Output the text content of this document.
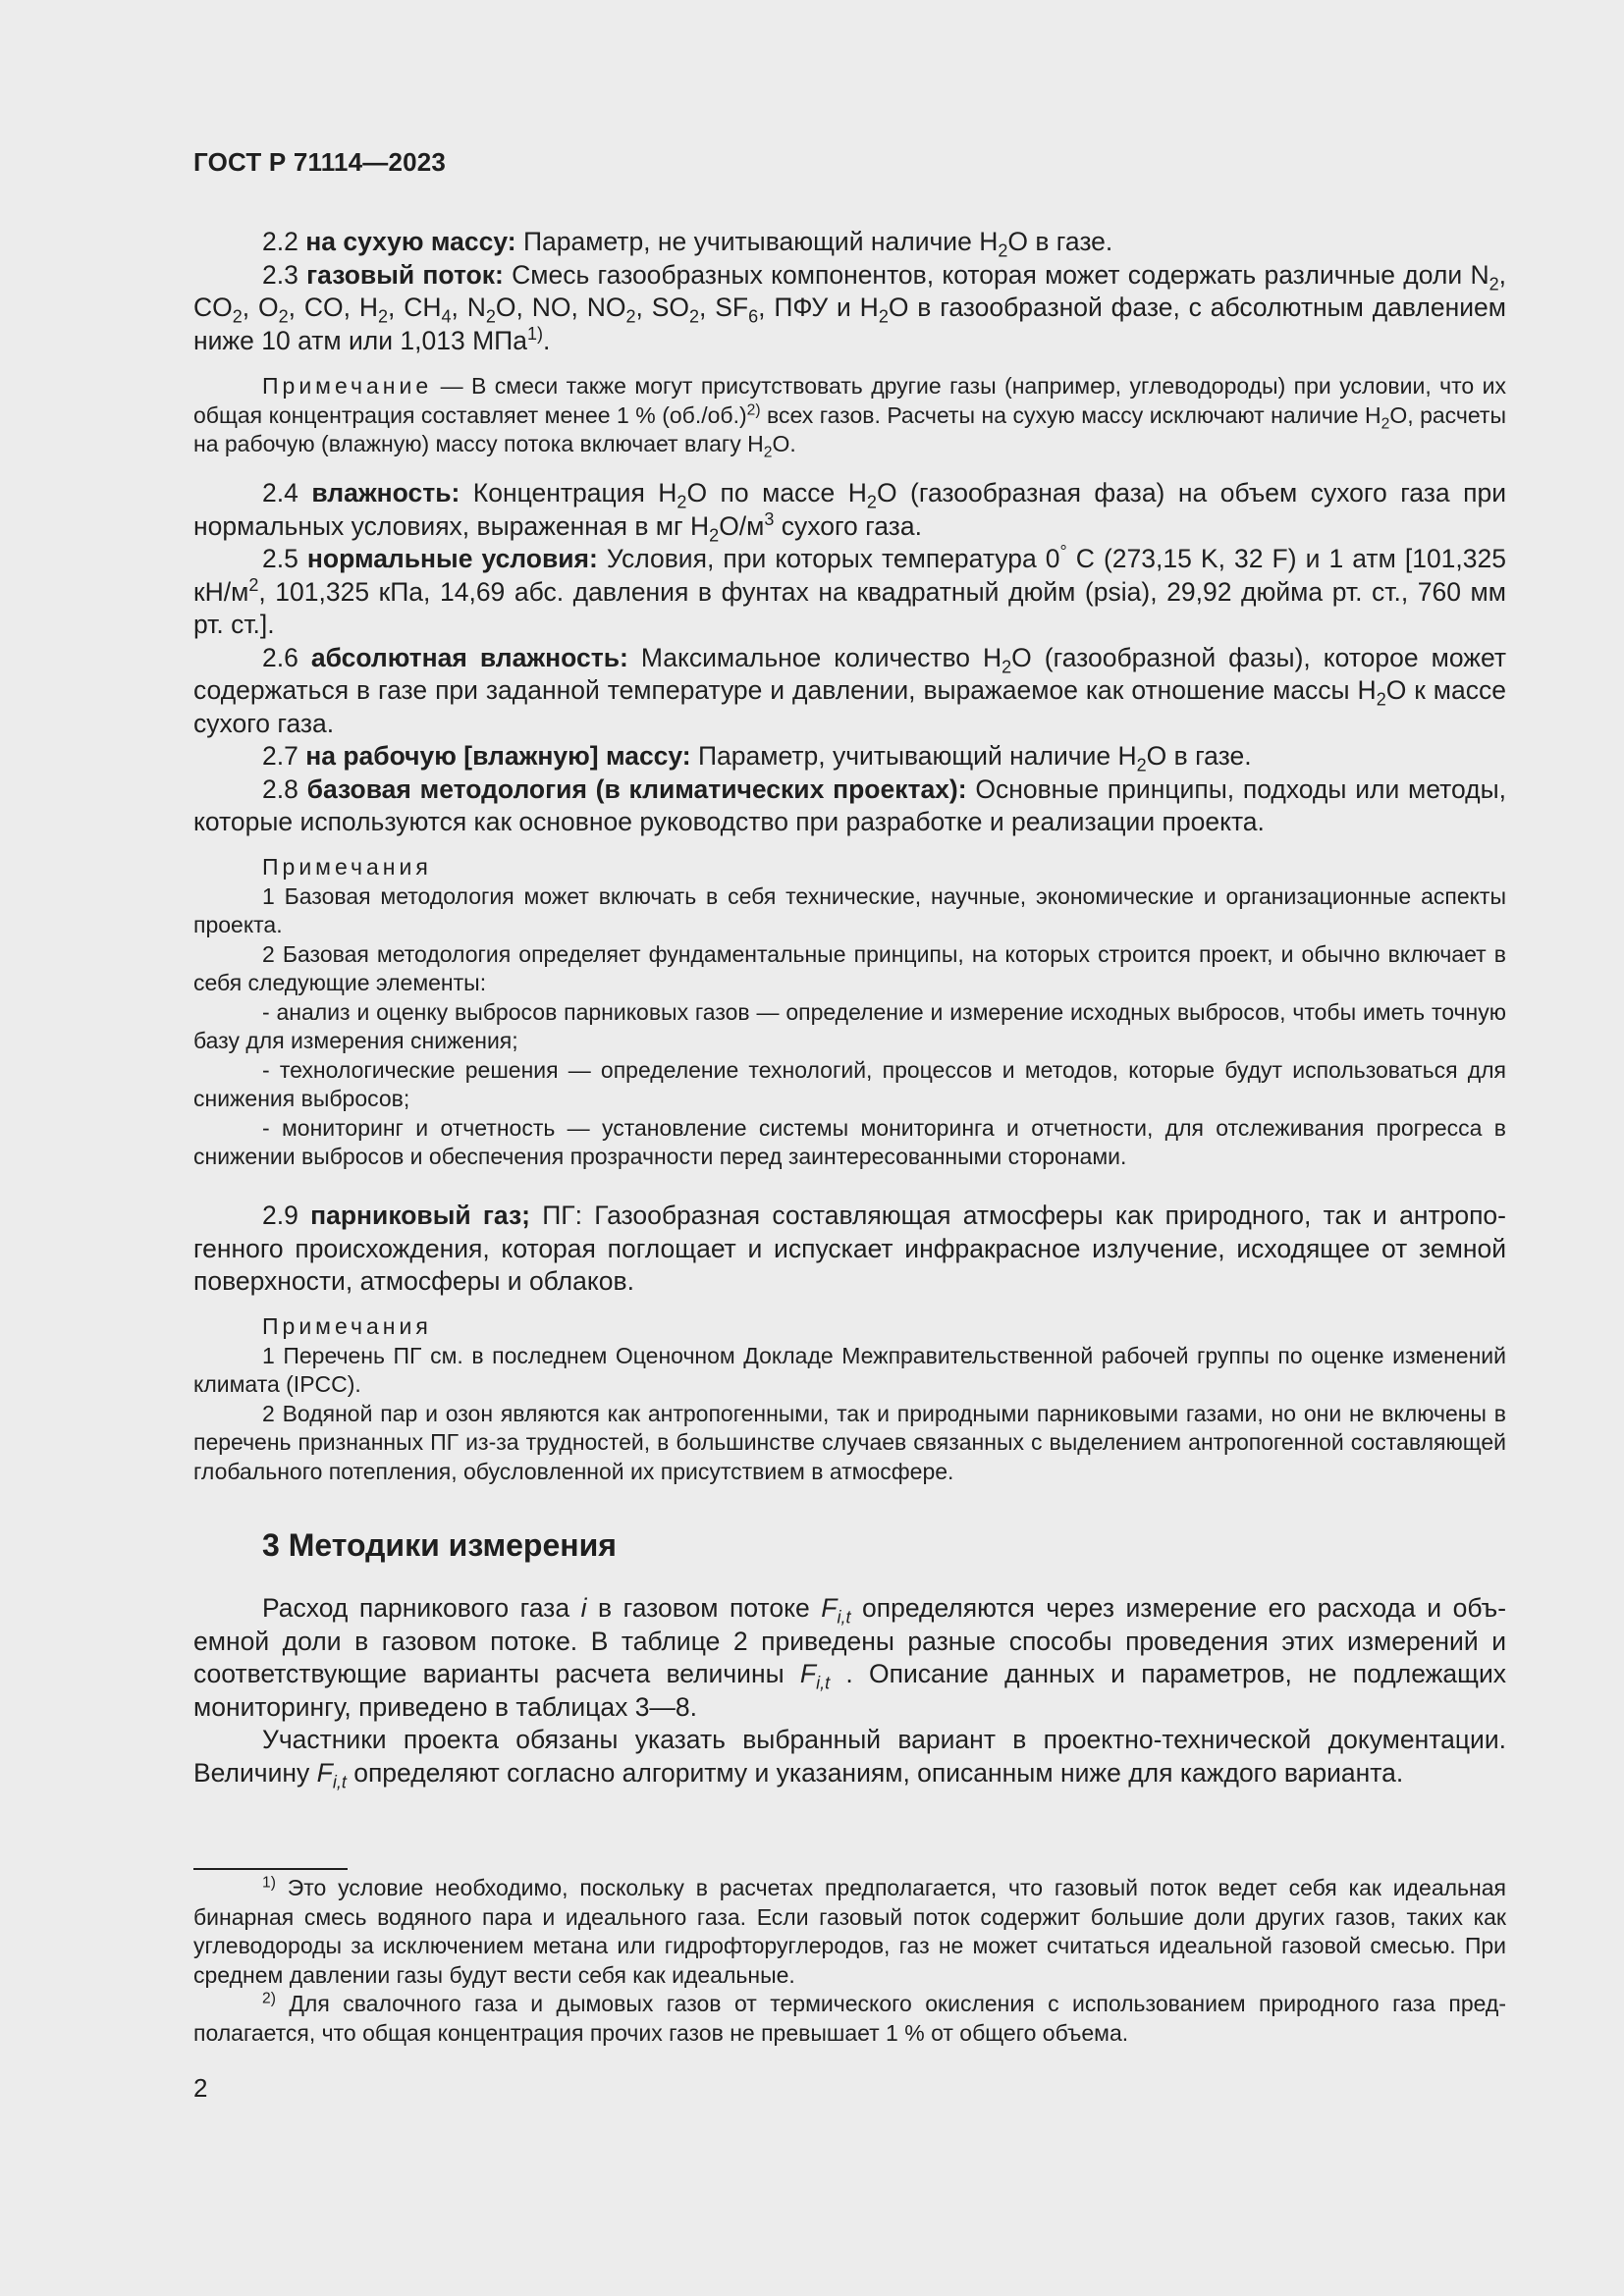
ГОСТ Р 71114—2023

2.2 на сухую массу: Параметр, не учитывающий наличие $H_2O$ в газе.

2.3 газовый поток: Смесь газообразных компонентов, которая может содержать различные доли $N_2$, $CO_2$, $O_2$, CO, $H_2$, $CH_4$, $N_2O$, NO, $NO_2$, $SO_2$, $SF_6$, ПФУ и $H_2O$ в газообразной фазе, с абсолютным давлением ниже 10 атм или 1,013 МПа$^{1)}$.

Примечание — В смеси также могут присутствовать другие газы (например, углеводороды) при условии, что их общая концентрация составляет менее 1 % $(об./об.)^{2)}$ всех газов. Расчеты на сухую массу исключают наличие $H_2O$, расчеты на рабочую (влажную) массу потока включает влагу $H_2O$.

2.4 влажность: Концентрация $H_2O$ по массе $H_2O$ (газообразная фаза) на объем сухого газа при нормальных условиях, выраженная в мг $H_2O/м^3$ сухого газа.

2.5 нормальные условия: Условия, при которых температура 0° C (273,15 K, 32 F) и 1 атм [101,325 $кН/м^2$, 101,325 кПа, 14,69 абс. давления в фунтах на квадратный дюйм (psia), 29,92 дюйма рт. ст., 760 мм рт. ст.].

2.6 абсолютная влажность: Максимальное количество $H_2O$ (газообразной фазы), которое может содержаться в газе при заданной температуре и давлении, выражаемое как отношение массы $H_2O$ к массе сухого газа.

2.7 на рабочую [влажную] массу: Параметр, учитывающий наличие $H_2O$ в газе.

2.8 базовая методология (в климатических проектах): Основные принципы, подходы или методы, которые используются как основное руководство при разработке и реализации проекта.

Примечания

1 Базовая методология может включать в себя технические, научные, экономические и организационные аспекты проекта.

2 Базовая методология определяет фундаментальные принципы, на которых строится проект, и обычно включает в себя следующие элементы:

- анализ и оценку выбросов парниковых газов — определение и измерение исходных выбросов, чтобы иметь точную базу для измерения снижения;

- технологические решения — определение технологий, процессов и методов, которые будут использоваться для снижения выбросов;

- мониторинг и отчетность — установление системы мониторинга и отчетности, для отслеживания прогресса в снижении выбросов и обеспечения прозрачности перед заинтересованными сторонами.

2.9 парниковый газ; ПГ: Газообразная составляющая атмосферы как природного, так и антропогенного происхождения, которая поглощает и испускает инфракрасное излучение, исходящее от земной поверхности, атмосферы и облаков.

Примечания

1 Перечень ПГ см. в последнем Оценочном Докладе Межправительственной рабочей группы по оценке изменений климата (IPCC).

2 Водяной пар и озон являются как антропогенными, так и природными парниковыми газами, но они не включены в перечень признанных ПГ из-за трудностей, в большинстве случаев связанных с выделением антропогенной составляющей глобального потепления, обусловленной их присутствием в атмосфере.

3 Методики измерения

Расход парникового газа i в газовом потоке $F_{i,t}$ определяются через измерение его расхода и объемной доли в газовом потоке. В таблице 2 приведены разные способы проведения этих измерений и соответствующие варианты расчета величины $F_{i,t}$ . Описание данных и параметров, не подлежащих мониторингу, приведено в таблицах 3—8.

Участники проекта обязаны указать выбранный вариант в проектно-технической документации. Величину $F_{i,t}$ определяют согласно алгоритму и указаниям, описанным ниже для каждого варианта.

$^{1)}$ Это условие необходимо, поскольку в расчетах предполагается, что газовый поток ведет себя как идеальная бинарная смесь водяного пара и идеального газа. Если газовый поток содержит большие доли других газов, таких как углеводороды за исключением метана или гидрофторуглеродов, газ не может считаться идеальной газовой смесью. При среднем давлении газы будут вести себя как идеальные.

$^{2)}$ Для свалочного газа и дымовых газов от термического окисления с использованием природного газа предполагается, что общая концентрация прочих газов не превышает 1 % от общего объема.

2
